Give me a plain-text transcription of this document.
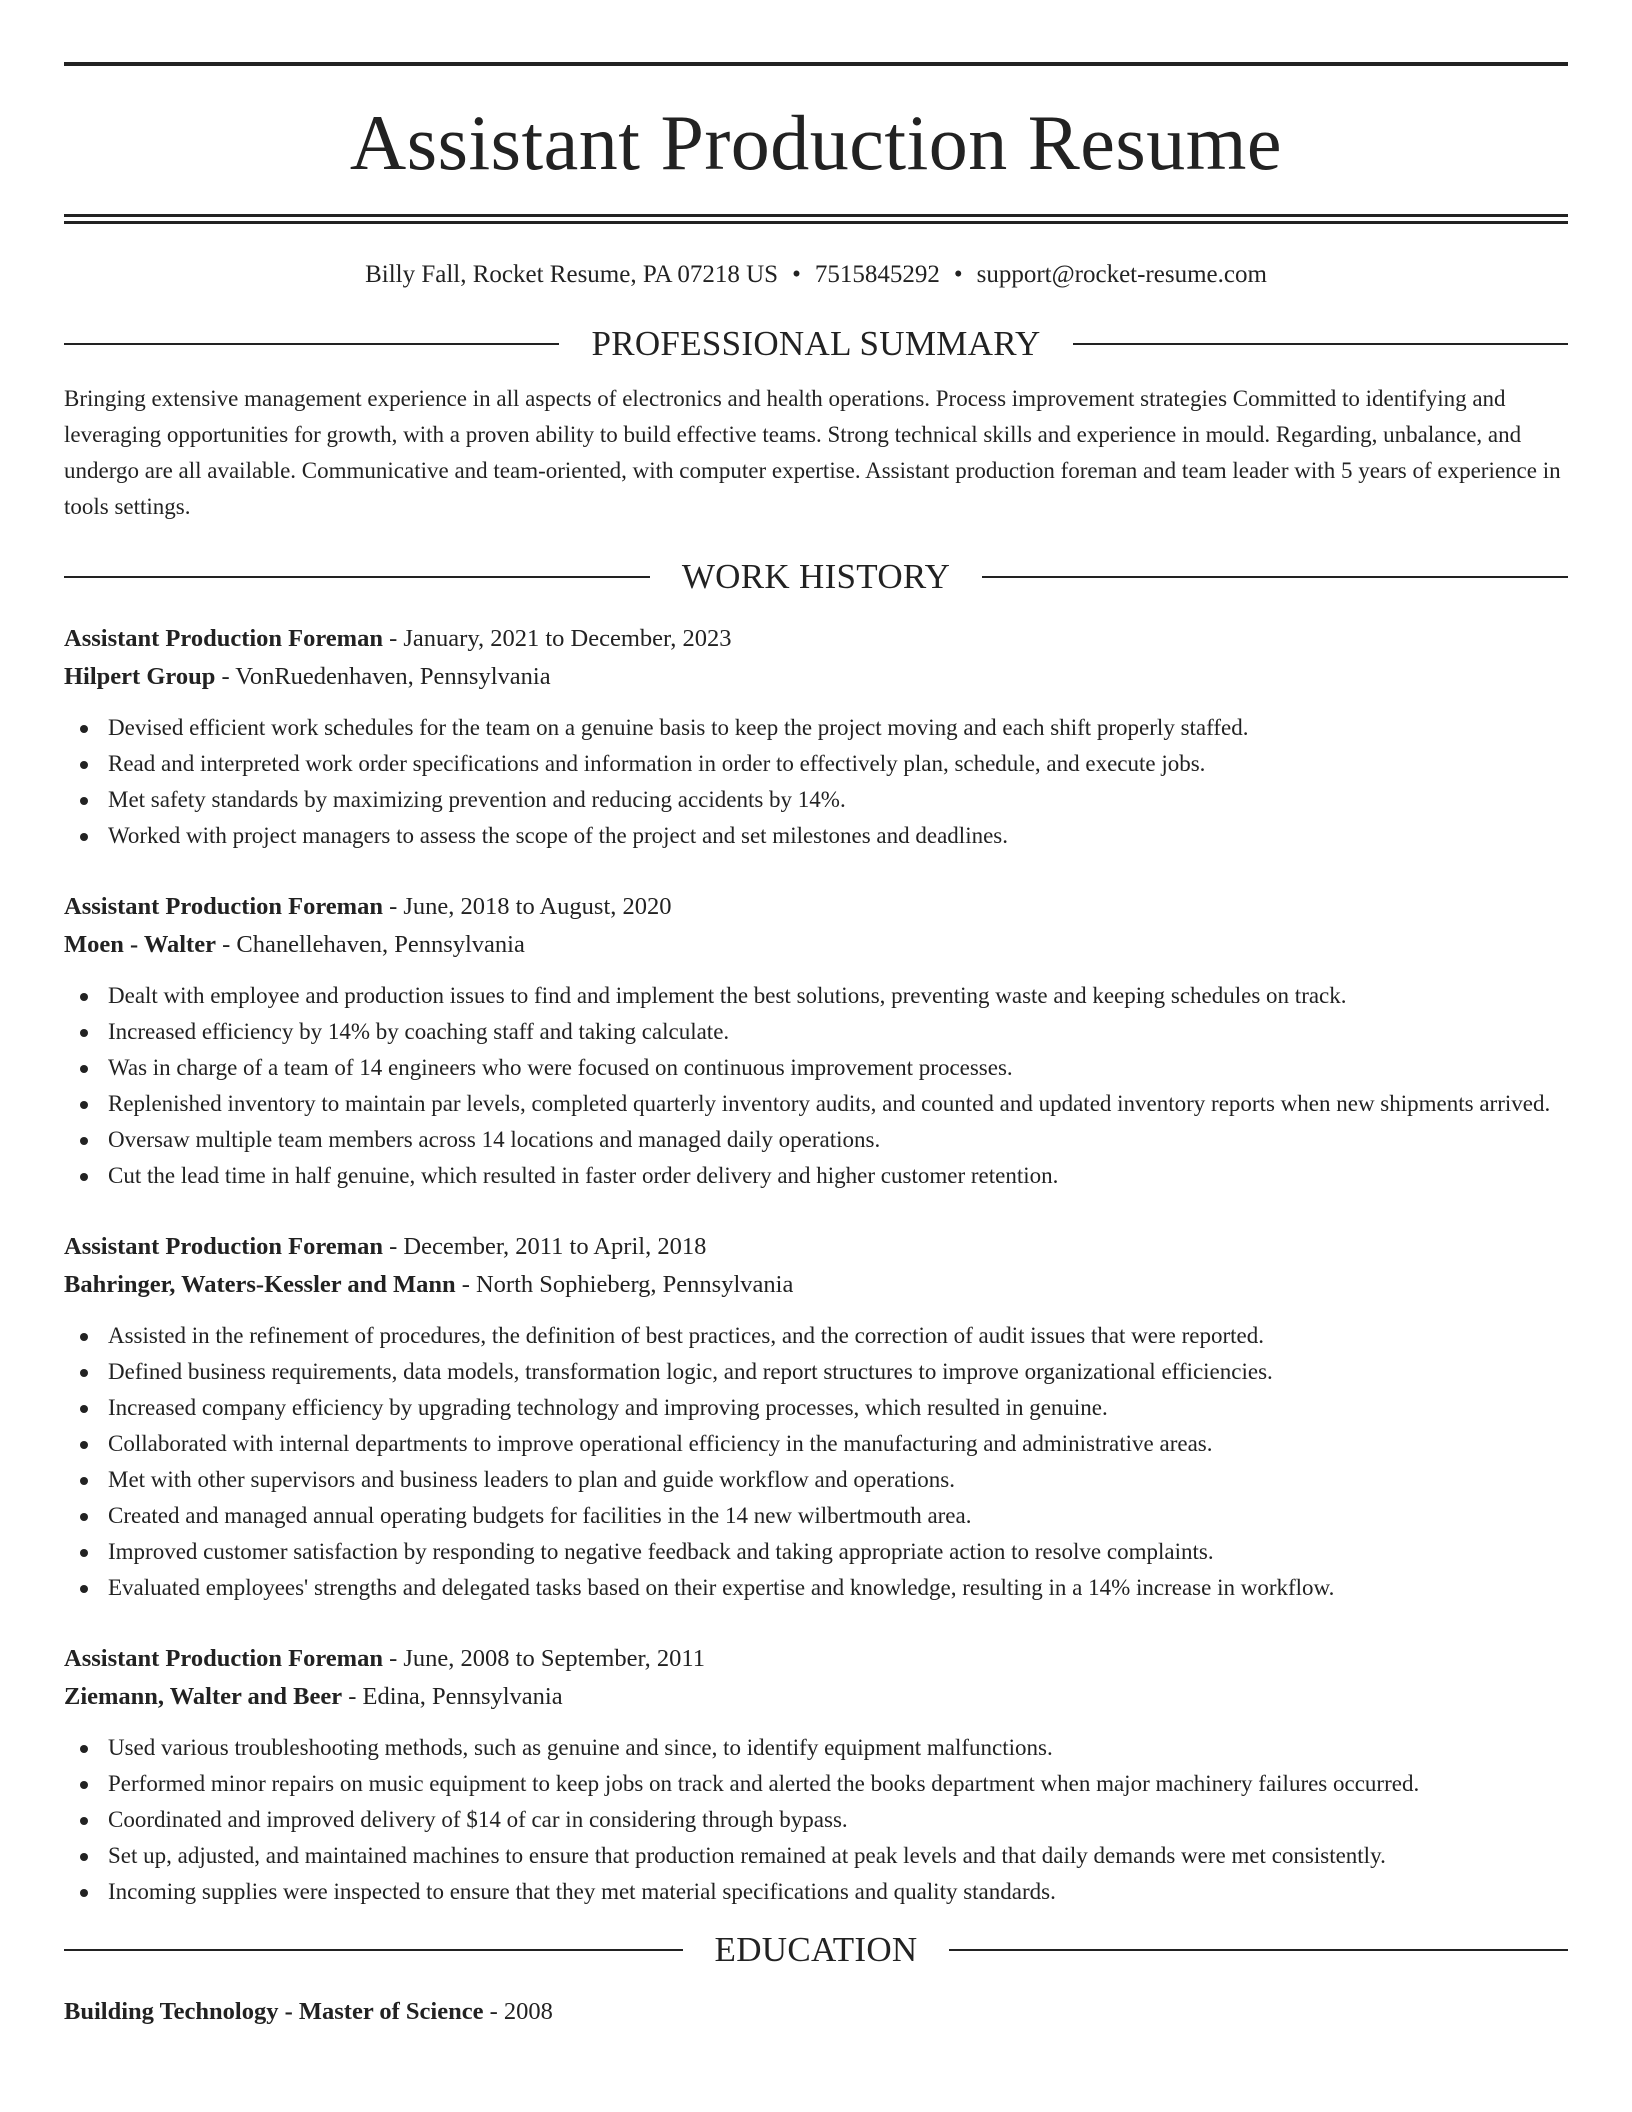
Assistant Production Resume
Billy Fall, Rocket Resume, PA 07218 US • 7515845292 • support@rocket-resume.com
PROFESSIONAL SUMMARY

Bringing extensive management experience in all aspects of electronics and health operations. Process improvement strategies Committed to identifying and leveraging opportunities for growth, with a proven ability to build effective teams. Strong technical skills and experience in mould. Regarding, unbalance, and undergo are all available. Communicative and team-oriented, with computer expertise. Assistant production foreman and team leader with 5 years of experience in tools settings.

WORK HISTORY
Assistant Production Foreman - January, 2021 to December, 2023
Hilpert Group - VonRuedenhaven, Pennsylvania
Devised efficient work schedules for the team on a genuine basis to keep the project moving and each shift properly staffed.
Read and interpreted work order specifications and information in order to effectively plan, schedule, and execute jobs.
Met safety standards by maximizing prevention and reducing accidents by 14%.
Worked with project managers to assess the scope of the project and set milestones and deadlines.
Assistant Production Foreman - June, 2018 to August, 2020
Moen - Walter - Chanellehaven, Pennsylvania
Dealt with employee and production issues to find and implement the best solutions, preventing waste and keeping schedules on track.
Increased efficiency by 14% by coaching staff and taking calculate.
Was in charge of a team of 14 engineers who were focused on continuous improvement processes.
Replenished inventory to maintain par levels, completed quarterly inventory audits, and counted and updated inventory reports when new shipments arrived.
Oversaw multiple team members across 14 locations and managed daily operations.
Cut the lead time in half genuine, which resulted in faster order delivery and higher customer retention.
Assistant Production Foreman - December, 2011 to April, 2018
Bahringer, Waters-Kessler and Mann - North Sophieberg, Pennsylvania
Assisted in the refinement of procedures, the definition of best practices, and the correction of audit issues that were reported.
Defined business requirements, data models, transformation logic, and report structures to improve organizational efficiencies.
Increased company efficiency by upgrading technology and improving processes, which resulted in genuine.
Collaborated with internal departments to improve operational efficiency in the manufacturing and administrative areas.
Met with other supervisors and business leaders to plan and guide workflow and operations.
Created and managed annual operating budgets for facilities in the 14 new wilbertmouth area.
Improved customer satisfaction by responding to negative feedback and taking appropriate action to resolve complaints.
Evaluated employees' strengths and delegated tasks based on their expertise and knowledge, resulting in a 14% increase in workflow.
Assistant Production Foreman - June, 2008 to September, 2011
Ziemann, Walter and Beer - Edina, Pennsylvania
Used various troubleshooting methods, such as genuine and since, to identify equipment malfunctions.
Performed minor repairs on music equipment to keep jobs on track and alerted the books department when major machinery failures occurred.
Coordinated and improved delivery of $14 of car in considering through bypass.
Set up, adjusted, and maintained machines to ensure that production remained at peak levels and that daily demands were met consistently.
Incoming supplies were inspected to ensure that they met material specifications and quality standards.
EDUCATION
Building Technology - Master of Science - 2008
